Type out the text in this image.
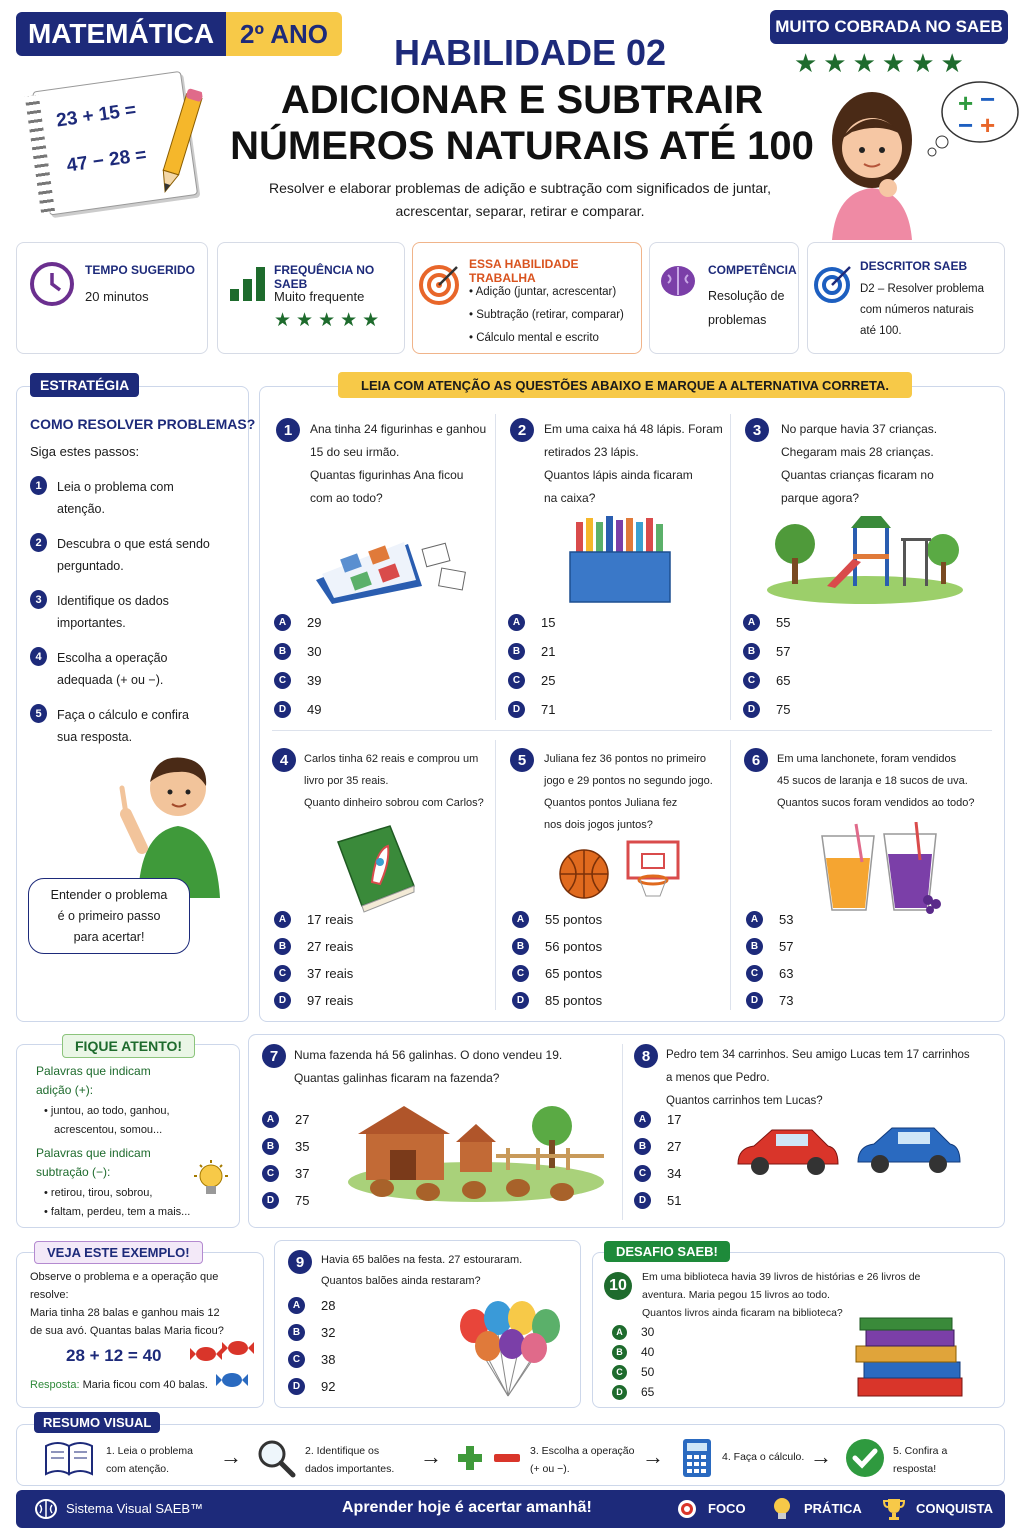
MATEMÁTICA 2º ANO	MUITO COBRADA NO SAEB
★★★★★★
23 + 15 =
47 − 28 =
HABILIDADE 02
ADICIONAR E SUBTRAIR
NÚMEROS NATURAIS ATÉ 100
Resolver e elaborar problemas de adição e subtração com significados de juntar,
acrescentar, separar, retirar e comparar.
+ −
− +
TEMPO SUGERIDO
20 minutos
FREQUÊNCIA NO SAEB
Muito frequente
★★★★★
ESSA HABILIDADE TRABALHA
• Adição (juntar, acrescentar)
• Subtração (retirar, comparar)
• Cálculo mental e escrito
COMPETÊNCIA
Resolução de
problemas
DESCRITOR SAEB
D2 – Resolver problema
com números naturais
até 100.
ESTRATÉGIA
COMO RESOLVER PROBLEMAS?
Siga estes passos:
1	Leia o problema com
atenção.
2	Descubra o que está sendo
perguntado.
3	Identifique os dados
importantes.
4	Escolha a operação
adequada (+ ou −).
5	Faça o cálculo e confira
sua resposta.
Entender o problema
é o primeiro passo
para acertar!
LEIA COM ATENÇÃO AS QUESTÕES ABAIXO E MARQUE A ALTERNATIVA CORRETA.
1	Ana tinha 24 figurinhas e ganhou
15 do seu irmão.
Quantas figurinhas Ana ficou
com ao todo?
A	29
B	30
C	39
D	49
2	Em uma caixa há 48 lápis. Foram
retirados 23 lápis.
Quantos lápis ainda ficaram
na caixa?
A	15
B	21
C	25
D	71
3	No parque havia 37 crianças.
Chegaram mais 28 crianças.
Quantas crianças ficaram no
parque agora?
A	55
B	57
C	65
D	75
4	Carlos tinha 62 reais e comprou um
livro por 35 reais.
Quanto dinheiro sobrou com Carlos?
A	17 reais
B	27 reais
C	37 reais
D	97 reais
5	Juliana fez 36 pontos no primeiro
jogo e 29 pontos no segundo jogo.
Quantos pontos Juliana fez
nos dois jogos juntos?
A	55 pontos
B	56 pontos
C	65 pontos
D	85 pontos
6	Em uma lanchonete, foram vendidos
45 sucos de laranja e 18 sucos de uva.
Quantos sucos foram vendidos ao todo?
A	53
B	57
C	63
D	73
FIQUE ATENTO!
Palavras que indicam
adição (+):
• juntou, ao todo, ganhou,
acrescentou, somou...
Palavras que indicam
subtração (−):
• retirou, tirou, sobrou,
• faltam, perdeu, tem a mais...
7	Numa fazenda há 56 galinhas. O dono vendeu 19.
Quantas galinhas ficaram na fazenda?
A	27
B	35
C	37
D	75
8	Pedro tem 34 carrinhos. Seu amigo Lucas tem 17 carrinhos
a menos que Pedro.
Quantos carrinhos tem Lucas?
A	17
B	27
C	34
D	51
VEJA ESTE EXEMPLO!
Observe o problema e a operação que resolve:
Maria tinha 28 balas e ganhou mais 12
de sua avó. Quantas balas Maria ficou?
28 + 12 = 40
Resposta: Maria ficou com 40 balas.
9	Havia 65 balões na festa. 27 estouraram.
Quantos balões ainda restaram?
A	28
B	32
C	38
D	92
DESAFIO SAEB!
10	Em uma biblioteca havia 39 livros de histórias e 26 livros de
aventura. Maria pegou 15 livros ao todo.
Quantos livros ainda ficaram na biblioteca?
A	30
B	40
C	50
D	65
RESUMO VISUAL
1. Leia o problema
com atenção.	→	2. Identifique os
dados importantes. →	3. Escolha a operação
(+ ou −).	→	4. Faça o cálculo. →	5. Confira a
resposta!
Sistema Visual SAEB™	Aprender hoje é acertar amanhã!	FOCO	PRÁTICA	CONQUISTA
